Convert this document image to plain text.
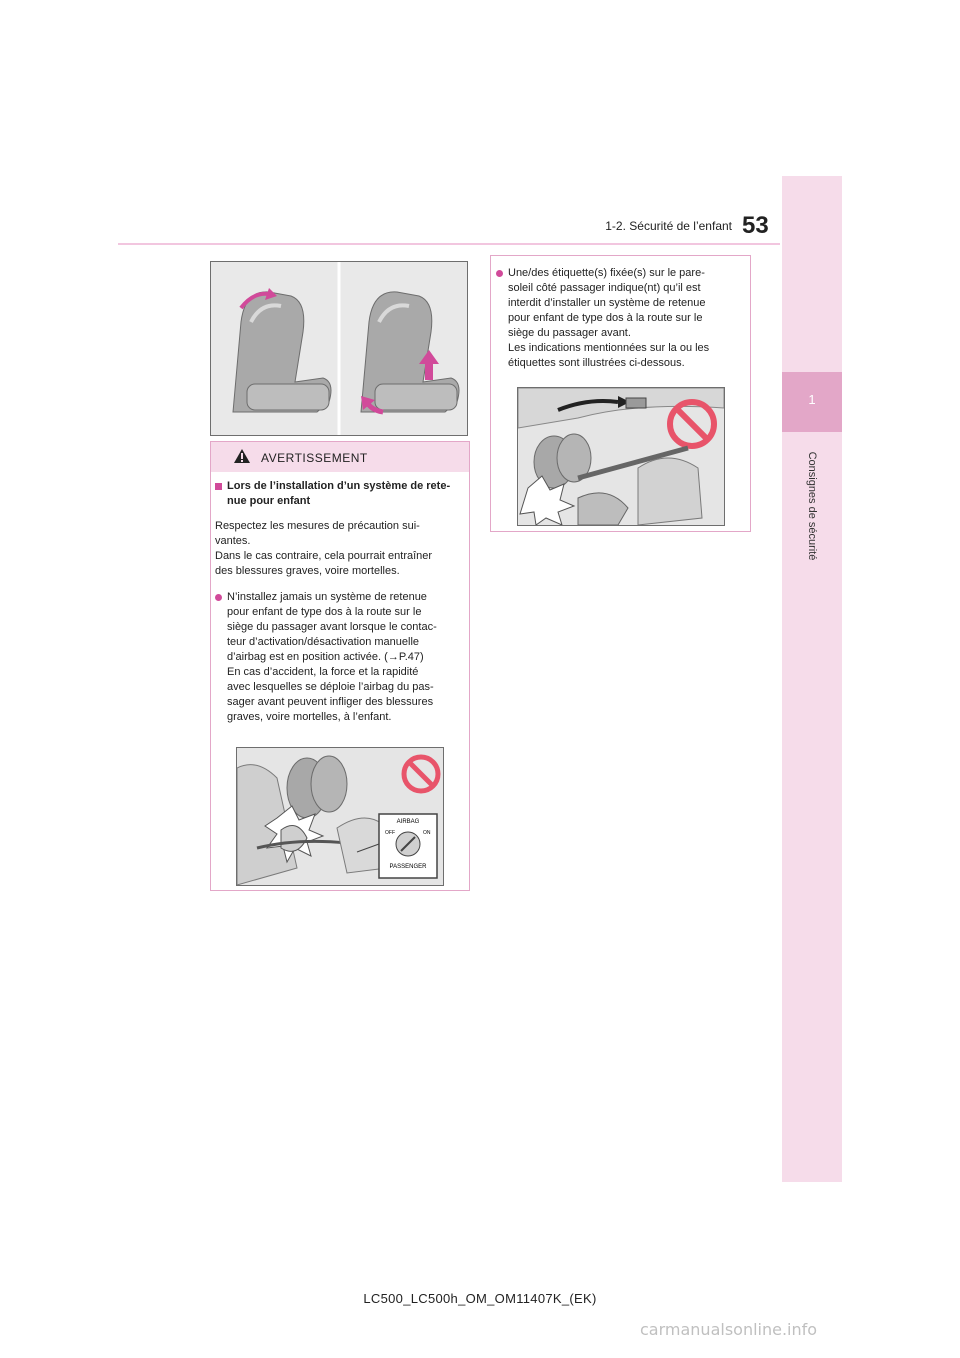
1-2. Sécurité de l’enfant 53
1
Consignes de sécurité
AVERTISSEMENT
Lors de l’installation d’un système de rete-
nue pour enfant
Respectez les mesures de précaution sui-
vantes.
Dans le cas contraire, cela pourrait entraîner
des blessures graves, voire mortelles.
N’installez jamais un système de retenue
pour enfant de type dos à la route sur le
siège du passager avant lorsque le contac-
teur d’activation/désactivation manuelle
d’airbag est en position activée. (→P.47)
En cas d’accident, la force et la rapidité
avec lesquelles se déploie l’airbag du pas-
sager avant peuvent infliger des blessures
graves, voire mortelles, à l’enfant.
AIRBAG
OFF	ON
PASSENGER
Une/des étiquette(s) fixée(s) sur le pare-
soleil côté passager indique(nt) qu’il est
interdit d’installer un système de retenue
pour enfant de type dos à la route sur le
siège du passager avant.
Les indications mentionnées sur la ou les
étiquettes sont illustrées ci-dessous.
LC500_LC500h_OM_OM11407K_(EK)
carmanualsonline.info
